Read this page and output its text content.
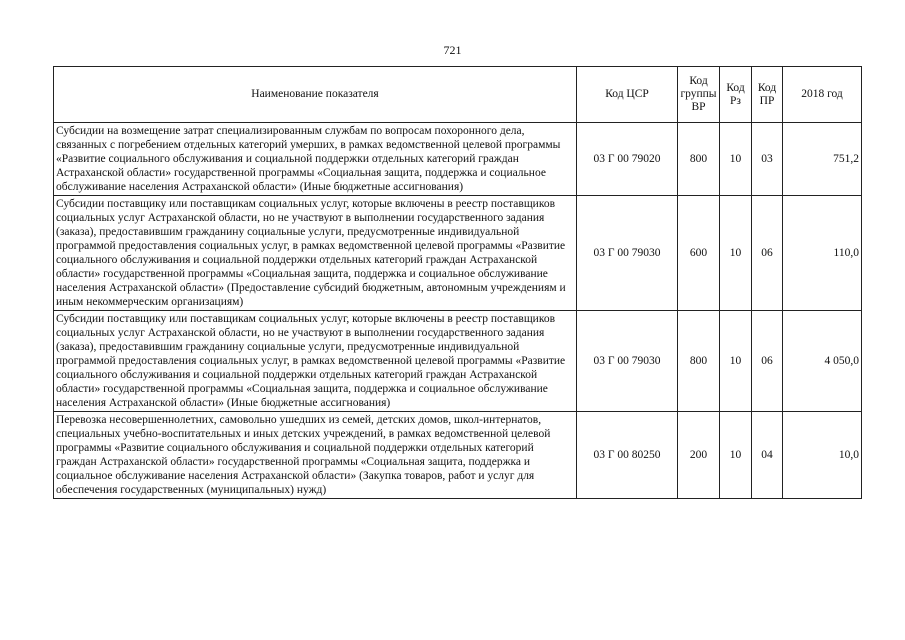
721
Наименование показателя	Код ЦСР	Код группы ВР	Код Рз	Код ПР	2018 год
Субсидии на возмещение затрат специализированным службам по вопросам похоронного дела, связанных с погребением отдельных категорий умерших, в рамках ведомственной целевой программы «Развитие социального обслуживания и социальной поддержки отдельных категорий граждан Астраханской области» государственной программы «Социальная защита, поддержка и социальное обслуживание населения Астраханской области» (Иные бюджетные ассигнования)	03 Г 00 79020	800	10	03	751,2
Субсидии поставщику или поставщикам социальных услуг, которые включены в реестр поставщиков социальных услуг Астраханской области, но не участвуют в выполнении государственного задания (заказа), предоставившим гражданину социальные услуги, предусмотренные индивидуальной программой предоставления социальных услуг, в рамках ведомственной целевой программы «Развитие социального обслуживания и социальной поддержки отдельных категорий граждан Астраханской области» государственной программы «Социальная защита, поддержка и социальное обслуживание населения Астраханской области» (Предоставление субсидий бюджетным, автономным учреждениям и иным некоммерческим организациям)	03 Г 00 79030	600	10	06	110,0
Субсидии поставщику или поставщикам социальных услуг, которые включены в реестр поставщиков социальных услуг Астраханской области, но не участвуют в выполнении государственного задания (заказа), предоставившим гражданину социальные услуги, предусмотренные индивидуальной программой предоставления социальных услуг, в рамках ведомственной целевой программы «Развитие социального обслуживания и социальной поддержки отдельных категорий граждан Астраханской области» государственной программы «Социальная защита, поддержка и социальное обслуживание населения Астраханской области» (Иные бюджетные ассигнования)	03 Г 00 79030	800	10	06	4 050,0
Перевозка несовершеннолетних, самовольно ушедших из семей, детских домов, школ-интернатов, специальных учебно-воспитательных и иных детских учреждений, в рамках ведомственной целевой программы «Развитие социального обслуживания и социальной поддержки отдельных категорий граждан Астраханской области» государственной программы «Социальная защита, поддержка и социальное обслуживание населения Астраханской области» (Закупка товаров, работ и услуг для обеспечения государственных (муниципальных) нужд)	03 Г 00 80250	200	10	04	10,0
